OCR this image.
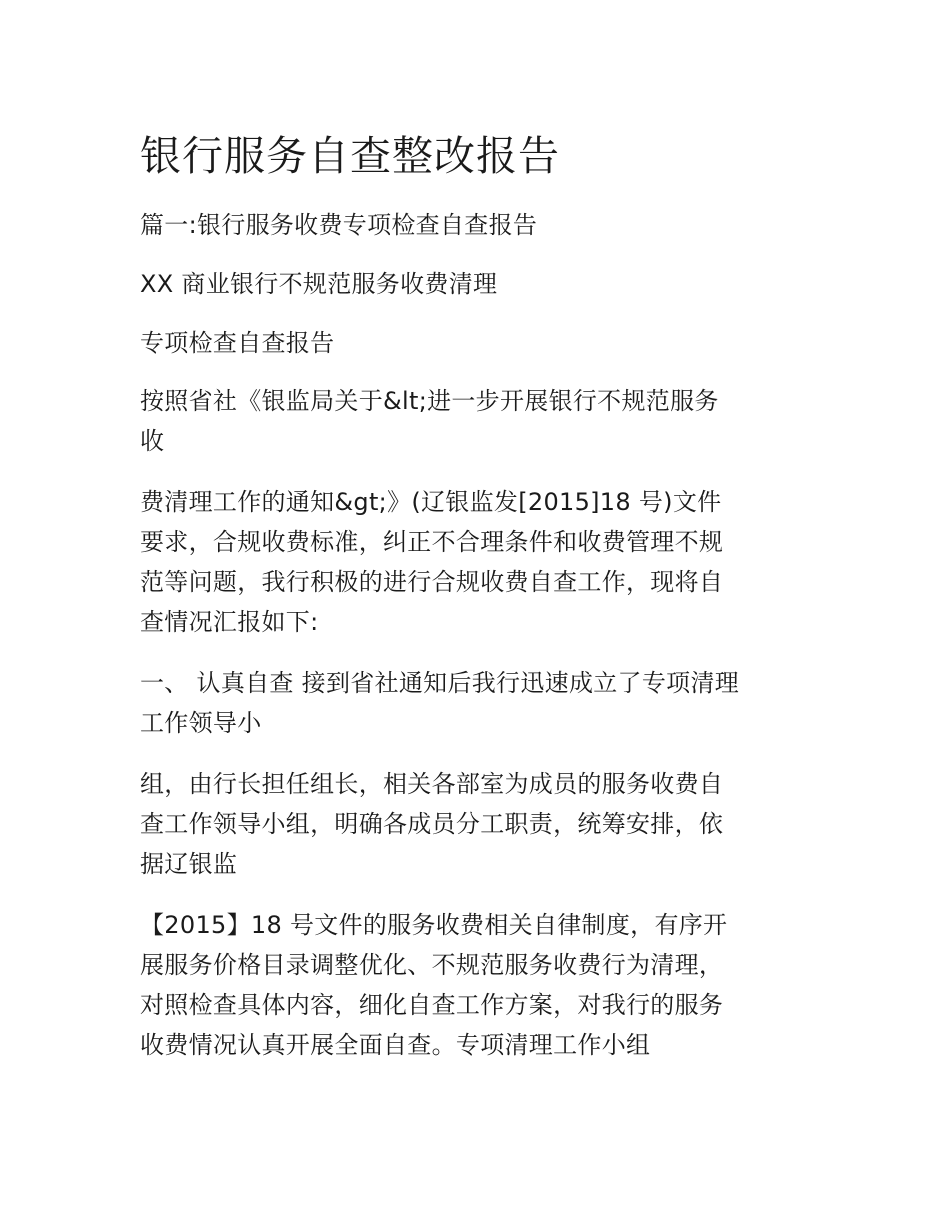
银行服务自查整改报告
篇一:银行服务收费专项检查自查报告
XX 商业银行不规范服务收费清理
专项检查自查报告
按照省社《银监局关于&lt;进一步开展银行不规范服务
收
费清理工作的通知&gt;》(辽银监发[2015]18 号)文件
要求，合规收费标准，纠正不合理条件和收费管理不规
范等问题，我行积极的进行合规收费自查工作，现将自
查情况汇报如下:
一、 认真自查 接到省社通知后我行迅速成立了专项清理
工作领导小
组，由行长担任组长，相关各部室为成员的服务收费自
查工作领导小组，明确各成员分工职责，统筹安排，依
据辽银监
【2015】18 号文件的服务收费相关自律制度，有序开
展服务价格目录调整优化、不规范服务收费行为清理，
对照检查具体内容，细化自查工作方案，对我行的服务
收费情况认真开展全面自查。专项清理工作小组
